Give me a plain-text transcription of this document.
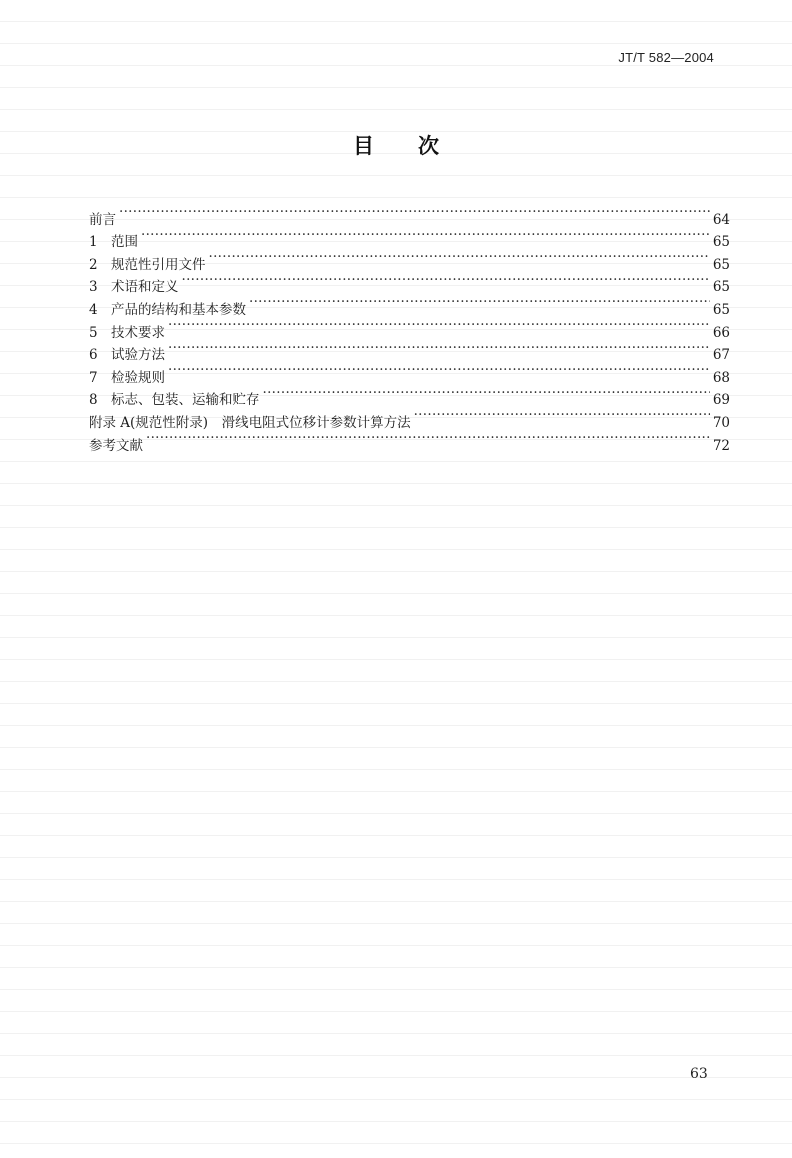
JT/T 582—2004
目次
前言 ·····	64
1 范围 ·····	65
2 规范性引用文件 ·····	65
3 术语和定义 ·····	65
4 产品的结构和基本参数 ·····	65
5 技术要求 ·····	66
6 试验方法 ·····	67
7 检验规则 ·····	68
8 标志、包装、运输和贮存 ·····	69
附录 A(规范性附录)　滑线电阻式位移计参数计算方法 ·····	70
参考文献 ·····	72
63
